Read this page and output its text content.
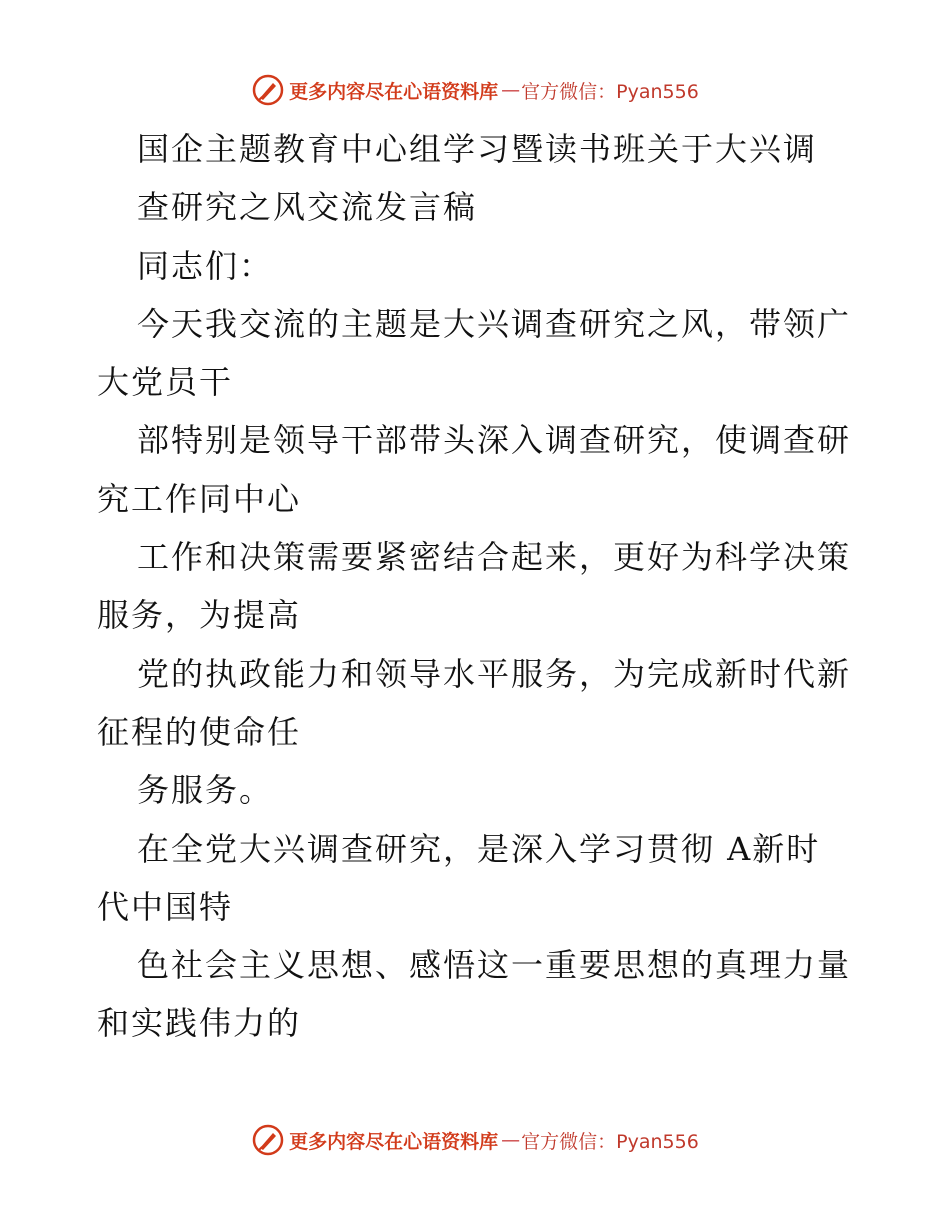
更多内容尽在心语资料库 — 官方微信：Pyan556
国企主题教育中心组学习暨读书班关于大兴调
查研究之风交流发言稿
同志们：
今天我交流的主题是大兴调查研究之风，带领广
大党员干
部特别是领导干部带头深入调查研究，使调查研
究工作同中心
工作和决策需要紧密结合起来，更好为科学决策
服务，为提高
党的执政能力和领导水平服务，为完成新时代新
征程的使命任
务服务。
在全党大兴调查研究，是深入学习贯彻 A新时
代中国特
色社会主义思想、感悟这一重要思想的真理力量
和实践伟力的
更多内容尽在心语资料库 — 官方微信：Pyan556
